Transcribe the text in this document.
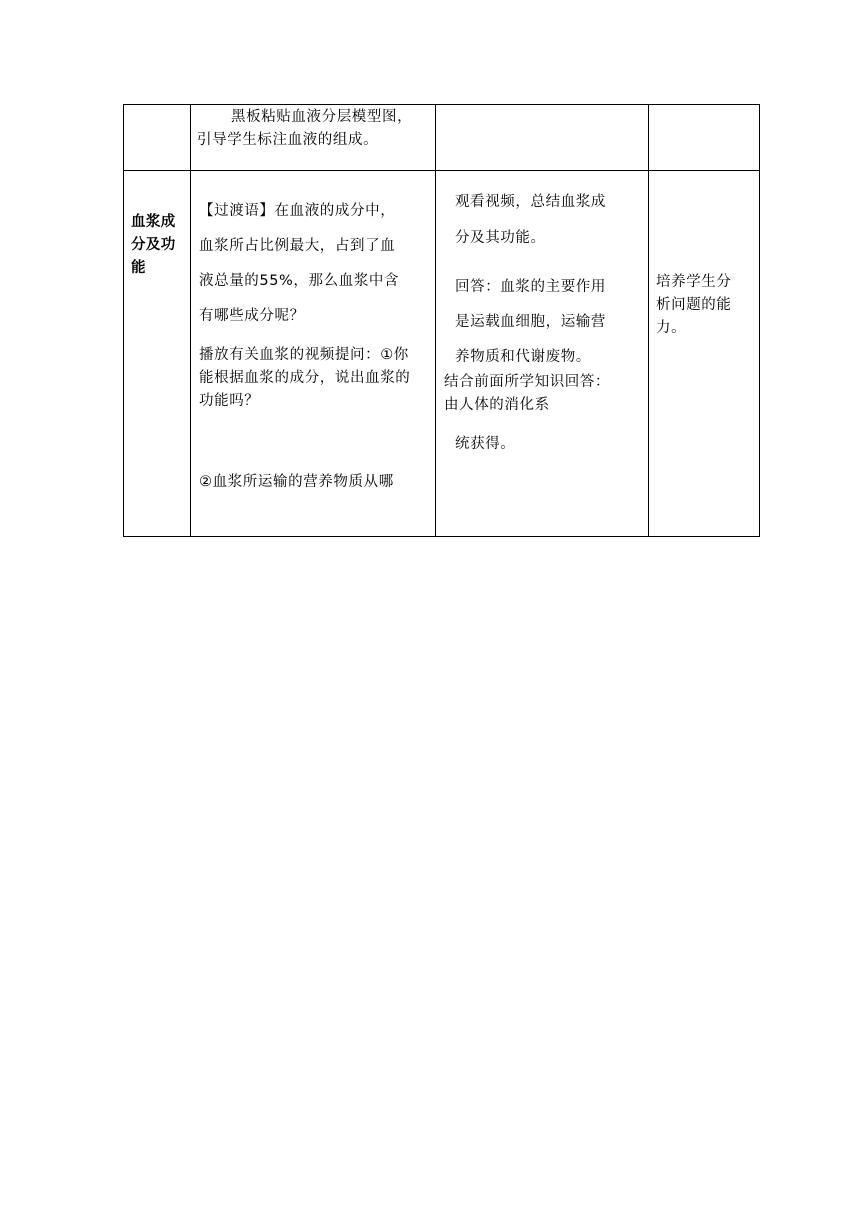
黑板粘贴血液分层模型图，
引导学生标注血液的组成。
血浆成
分及功
能
【过渡语】在血液的成分中，
血浆所占比例最大，占到了血
液总量的55%，那么血浆中含
有哪些成分呢？
播放有关血浆的视频提问：①你
能根据血浆的成分，说出血浆的
功能吗？
②血浆所运输的营养物质从哪
观看视频，总结血浆成
分及其功能。
回答：血浆的主要作用
是运载血细胞，运输营
养物质和代谢废物。
结合前面所学知识回答：
由人体的消化系
统获得。
培养学生分
析问题的能
力。
